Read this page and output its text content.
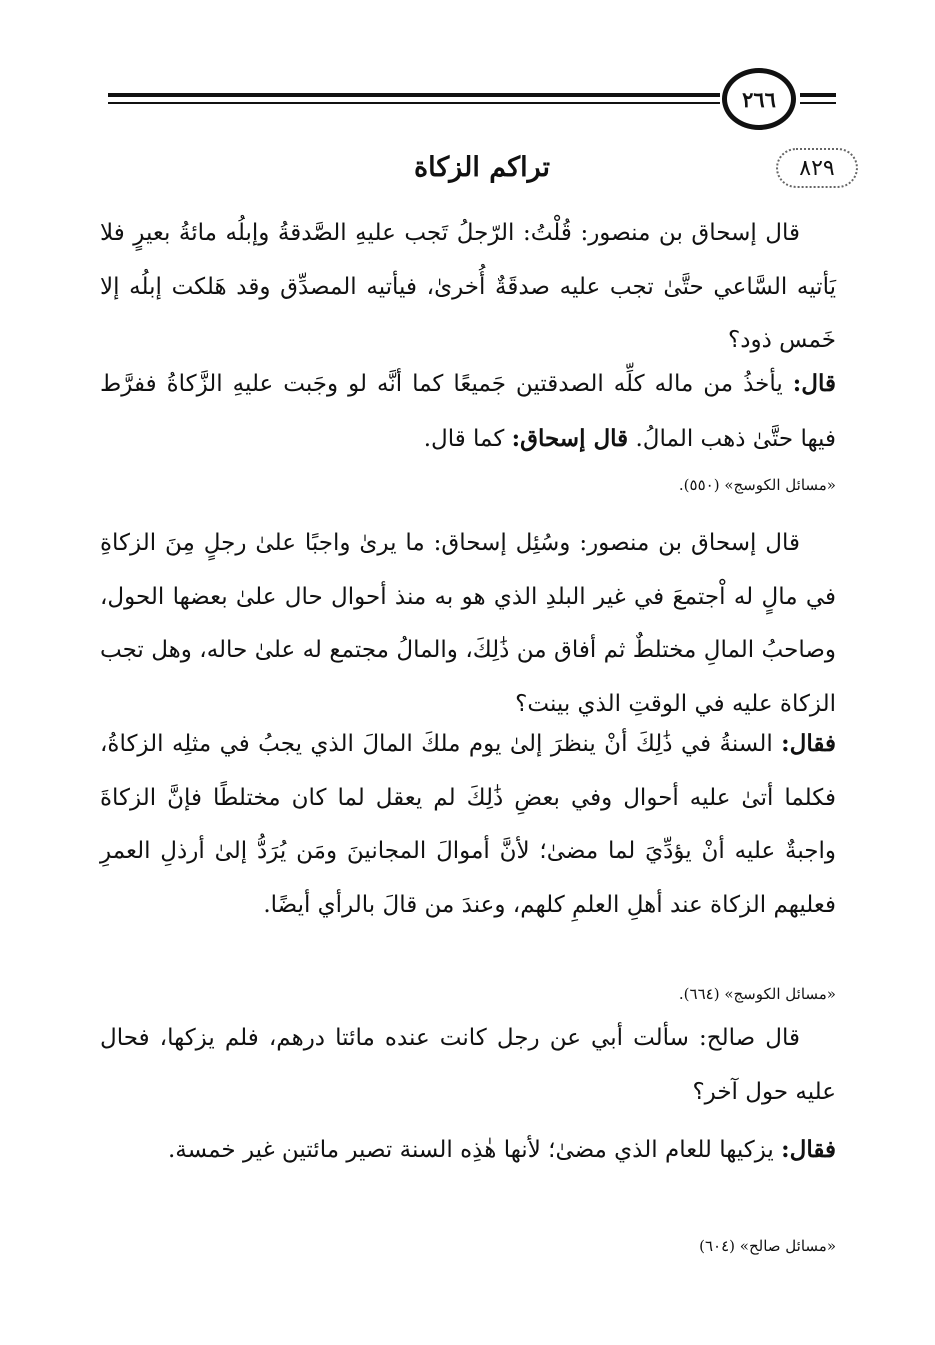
٢٦٦
تراكم الزكاة	٨٢٩

قال إسحاق بن منصور: قُلْتُ: الرّجلُ تَجب عليهِ الصَّدقةُ وإبلُه مائةُ بعيرٍ فلا يَأتيه السَّاعي حتَّىٰ تجب عليه صدقَةٌ أُخرىٰ، فيأتيه المصدِّق وقد هَلكت إبلُه إلا خَمس ذود؟

قال: يأخذُ من ماله كلِّه الصدقتين جَميعًا كما أنَّه لو وجَبت عليهِ الزَّكاةُ ففرَّط فيها حتَّىٰ ذهب المالُ. قال إسحاق: كما قال.

«مسائل الكوسج» (٥٥٠).

قال إسحاق بن منصور: وسُئِل إسحاق: ما يرىٰ واجبًا علىٰ رجلٍ مِنَ الزكاةِ في مالٍ له اْجتمعَ في غير البلدِ الذي هو به منذ أحوال حال علىٰ بعضها الحول، وصاحبُ المالِ مختلطٌ ثم أفاق من ذَٰلِكَ، والمالُ مجتمع له علىٰ حاله، وهل تجب الزكاة عليه في الوقتِ الذي بينت؟

فقال: السنةُ في ذَٰلِكَ أنْ ينظرَ إلىٰ يوم ملكَ المالَ الذي يجبُ في مثلِه الزكاةُ، فكلما أتىٰ عليه أحوال وفي بعضِ ذَٰلِكَ لم يعقل لما كان مختلطًا فإنَّ الزكاةَ واجبةٌ عليه أنْ يؤدِّيَ لما مضىٰ؛ لأنَّ أموالَ المجانينَ ومَن يُرَدُّ إلىٰ أرذلِ العمرِ فعليهم الزكاة عند أهلِ العلمِ كلهم، وعندَ من قالَ بالرأي أيضًا.

«مسائل الكوسج» (٦٦٤).

قال صالح: سألت أبي عن رجل كانت عنده مائتا درهم، فلم يزكها، فحال عليه حول آخر؟

فقال: يزكيها للعام الذي مضىٰ؛ لأنها هٰذِه السنة تصير مائتين غير خمسة.

«مسائل صالح» (٦٠٤)
